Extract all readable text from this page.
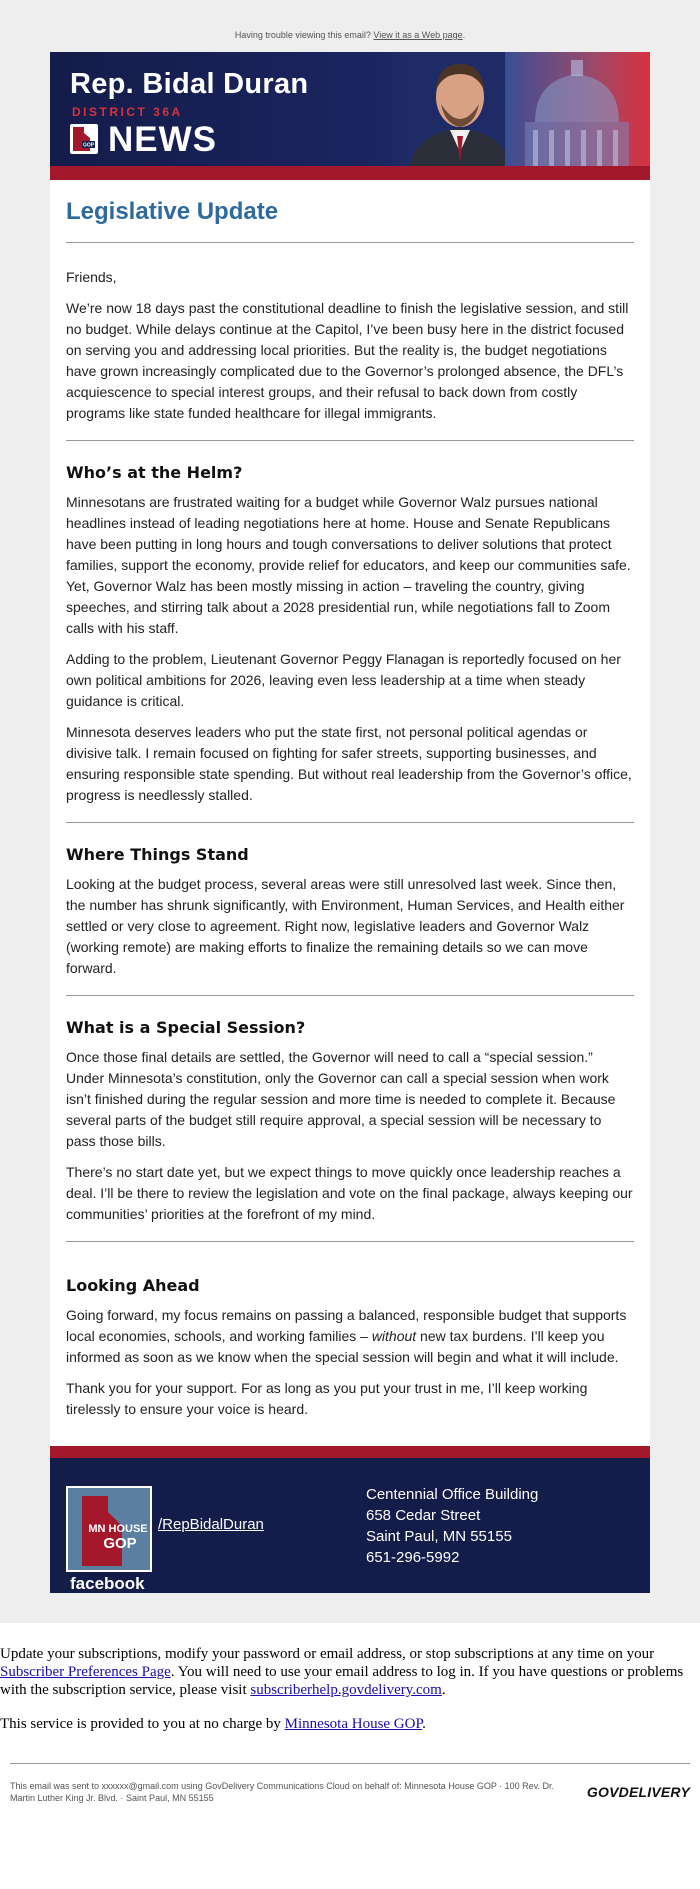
Having trouble viewing this email? View it as a Web page.
Rep. Bidal Duran
DISTRICT 36A
GOP NEWS
Legislative Update

Friends,

We’re now 18 days past the constitutional deadline to finish the legislative session, and still no budget. While delays continue at the Capitol, I’ve been busy here in the district focused on serving you and addressing local priorities. But the reality is, the budget negotiations have grown increasingly complicated due to the Governor’s prolonged absence, the DFL’s acquiescence to special interest groups, and their refusal to back down from costly programs like state funded healthcare for illegal immigrants.

Who’s at the Helm?

Minnesotans are frustrated waiting for a budget while Governor Walz pursues national headlines instead of leading negotiations here at home. House and Senate Republicans have been putting in long hours and tough conversations to deliver solutions that protect families, support the economy, provide relief for educators, and keep our communities safe. Yet, Governor Walz has been mostly missing in action – traveling the country, giving speeches, and stirring talk about a 2028 presidential run, while negotiations fall to Zoom calls with his staff.

Adding to the problem, Lieutenant Governor Peggy Flanagan is reportedly focused on her own political ambitions for 2026, leaving even less leadership at a time when steady guidance is critical.

Minnesota deserves leaders who put the state first, not personal political agendas or divisive talk. I remain focused on fighting for safer streets, supporting businesses, and ensuring responsible state spending. But without real leadership from the Governor’s office, progress is needlessly stalled.

Where Things Stand

Looking at the budget process, several areas were still unresolved last week. Since then, the number has shrunk significantly, with Environment, Human Services, and Health either settled or very close to agreement. Right now, legislative leaders and Governor Walz (working remote) are making efforts to finalize the remaining details so we can move forward.

What is a Special Session?

Once those final details are settled, the Governor will need to call a “special session.” Under Minnesota’s constitution, only the Governor can call a special session when work isn’t finished during the regular session and more time is needed to complete it. Because several parts of the budget still require approval, a special session will be necessary to pass those bills.

There’s no start date yet, but we expect things to move quickly once leadership reaches a deal. I’ll be there to review the legislation and vote on the final package, always keeping our communities’ priorities at the forefront of my mind.

Looking Ahead

Going forward, my focus remains on passing a balanced, responsible budget that supports local economies, schools, and working families – without new tax burdens. I’ll keep you informed as soon as we know when the special session will begin and what it will include.

Thank you for your support. For as long as you put your trust in me, I’ll keep working tirelessly to ensure your voice is heard.

MN HOUSE
GOP
facebook
/RepBidalDuran
Centennial Office Building
658 Cedar Street
Saint Paul, MN 55155
651-296-5992

Update your subscriptions, modify your password or email address, or stop subscriptions at any time on your Subscriber Preferences Page. You will need to use your email address to log in. If you have questions or problems with the subscription service, please visit subscriberhelp.govdelivery.com.

This service is provided to you at no charge by Minnesota House GOP.

This email was sent to xxxxxx@gmail.com using GovDelivery Communications Cloud on behalf of: Minnesota House GOP · 100 Rev. Dr. Martin Luther King Jr. Blvd. · Saint Paul, MN 55155	GOVDELIVERY
